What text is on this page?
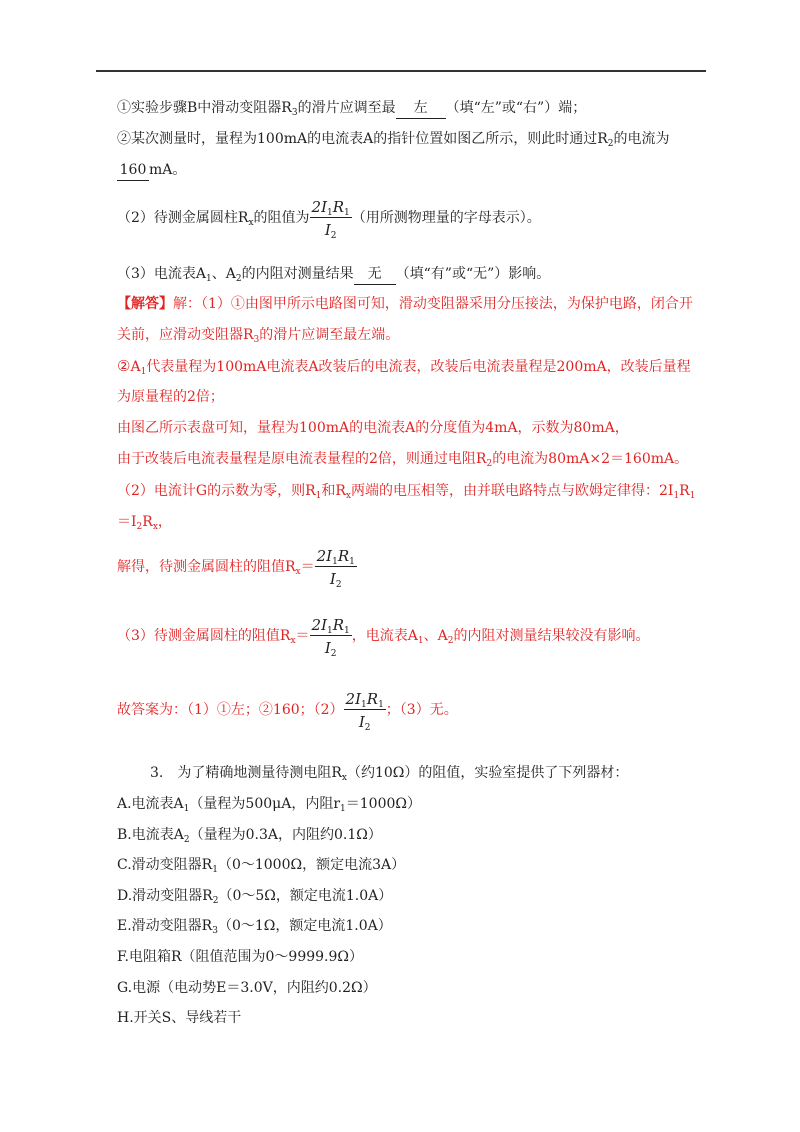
①实验步骤B中滑动变阻器$R_3$的滑片应调至最 左 （填“左”或“右”）端；
②某次测量时，量程为100mA的电流表A的指针位置如图乙所示，则此时通过$R_2$的电流为
160 mA。
（2）待测金属圆柱$R_x$的阻值为 $\frac{2I_1R_1}{I_2}$ （用所测物理量的字母表示）。
（3）电流表$A_1$、$A_2$的内阻对测量结果 无 （填“有”或“无”）影响。
【解答】解：（1）①由图甲所示电路图可知，滑动变阻器采用分压接法，为保护电路，闭合开
关前，应滑动变阻器$R_3$的滑片应调至最左端。
$②A_1$代表量程为100mA电流表A改装后的电流表，改装后电流表量程是200mA，改装后量程
为原量程的2倍；
由图乙所示表盘可知，量程为100mA的电流表A的分度值为4mA，示数为80mA，
由于改装后电流表量程是原电流表量程的2倍，则通过电阻$R_2$的电流为80mA×2＝160mA。
（2）电流计G的示数为零，则$R_1$和$R_x$两端的电压相等，由并联电路特点与欧姆定律得：$2I_1R_1$
$=I_2R_x$，
解得，待测金属圆柱的阻值$R_x= \frac{2I_1R_1}{I_2}$
（3）待测金属圆柱的阻值$R_x= \frac{2I_1R_1}{I_2}$ ，电流表$A_1$、$A_2$的内阻对测量结果较没有影响。
故答案为：（1）①左；②160；$(2) \frac{2I_1R_1}{I_2}$ ；（3）无。
3.　为了精确地测量待测电阻$R_x$（约10Ω）的阻值，实验室提供了下列器材：
A.电流表$A_1$（量程为500μA，内阻$r_1=1000\Omega$）
B.电流表$A_2$（量程为0.3A，内阻约0.1Ω）
C.滑动变阻器$R_1(0\sim 1000\Omega$，额定电流3A）
D.滑动变阻器$R_2(0\sim 5\Omega$，额定电流1.0A）
E.滑动变阻器$R_3(0\sim 1\Omega$，额定电流1.0A）
F.电阻箱R（阻值范围为0～9999.9Ω）
G.电源（电动势E＝3.0V，内阻约0.2Ω）
H.开关S、导线若干
